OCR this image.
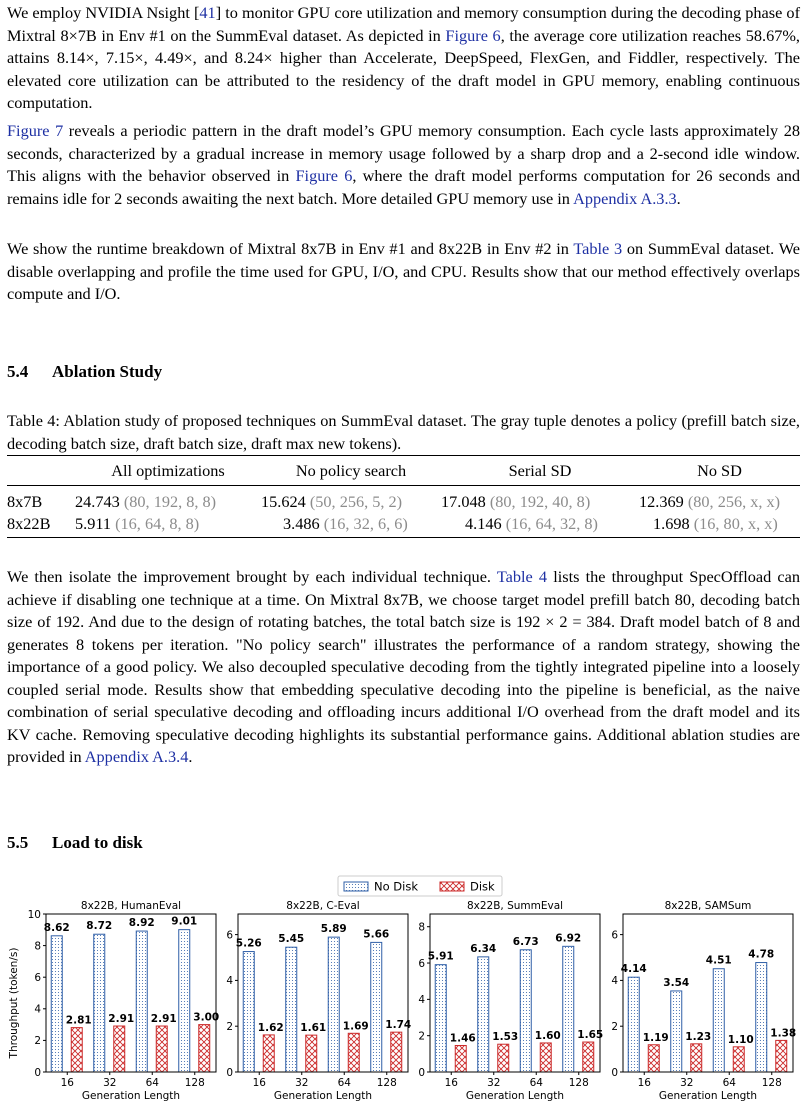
We employ NVIDIA Nsight [41] to monitor GPU core utilization and memory consumption during the decoding phase of Mixtral 8×7B in Env #1 on the SummEval dataset. As depicted in Figure 6, the average core utilization reaches 58.67%, attains 8.14×, 7.15×, 4.49×, and 8.24× higher than Accelerate, DeepSpeed, FlexGen, and Fiddler, respectively. The elevated core utilization can be attributed to the residency of the draft model in GPU memory, enabling continuous computation.

Figure 7 reveals a periodic pattern in the draft model’s GPU memory consumption. Each cycle lasts approximately 28 seconds, characterized by a gradual increase in memory usage followed by a sharp drop and a 2-second idle window. This aligns with the behavior observed in Figure 6, where the draft model performs computation for 26 seconds and remains idle for 2 seconds awaiting the next batch. More detailed GPU memory use in Appendix A.3.3.

We show the runtime breakdown of Mixtral 8x7B in Env #1 and 8x22B in Env #2 in Table 3 on SummEval dataset. We disable overlapping and profile the time used for GPU, I/O, and CPU. Results show that our method effectively overlaps compute and I/O.

5.4 Ablation Study

Table 4: Ablation study of proposed techniques on SummEval dataset. The gray tuple denotes a policy (prefill batch size, decoding batch size, draft batch size, draft max new tokens).

	All optimizations	No policy search	Serial SD	No SD
8x7B	24.743 (80, 192, 8, 8)	15.624 (50, 256, 5, 2)	17.048 (80, 192, 40, 8)	12.369 (80, 256, x, x)
8x22B	5.911 (16, 64, 8, 8)	3.486 (16, 32, 6, 6)	4.146 (16, 64, 32, 8)	1.698 (16, 80, x, x)

We then isolate the improvement brought by each individual technique. Table 4 lists the throughput SpecOffload can achieve if disabling one technique at a time. On Mixtral 8x7B, we choose target model prefill batch 80, decoding batch size of 192. And due to the design of rotating batches, the total batch size is 192 × 2 = 384. Draft model batch of 8 and generates 8 tokens per iteration. "No policy search" illustrates the performance of a random strategy, showing the importance of a good policy. We also decoupled speculative decoding from the tightly integrated pipeline into a loosely coupled serial mode. Results show that embedding speculative decoding into the pipeline is beneficial, as the naive combination of serial speculative decoding and offloading incurs additional I/O overhead from the draft model and its KV cache. Removing speculative decoding highlights its substantial performance gains. Additional ablation studies are provided in Appendix A.3.4.

5.5 Load to disk
No Disk	Disk
Throughput (token/s)
8x22B, HumanEval
0
2
4
6
8
10
16
8.62
2.81
32
8.72
2.91
64
8.92
2.91
128
9.01
3.00
Generation Length
8x22B, C-Eval
0
2
4
6
16
5.26
1.62
32
5.45
1.61
64
5.89
1.69
128
5.66
1.74
Generation Length
8x22B, SummEval
0
2
4
6
8
16
5.91
1.46
32
6.34
1.53
64
6.73
1.60
128
6.92
1.65
Generation Length
8x22B, SAMSum
0
2
4
6
16
4.14
1.19
32
3.54
1.23
64
4.51
1.10
128
4.78
1.38
Generation Length
